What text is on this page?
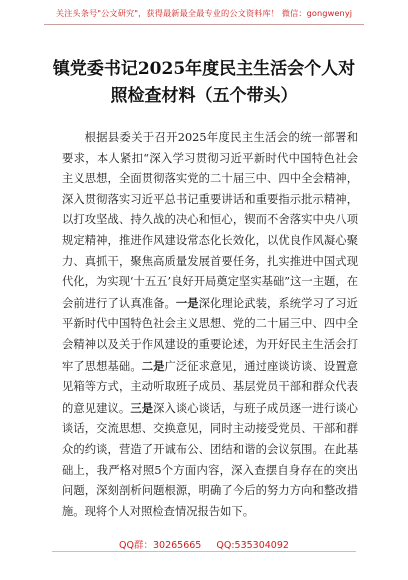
关注头条号"公文研究"，获得最新最全最专业的公文资料库！ 微信：gongwenyj
镇党委书记2025年度民主生活会个人对
照检查材料（五个带头）
根据县委关于召开2025年度民主生活会的统一部署和要求，本人紧扣“深入学习贯彻习近平新时代中国特色社会主义思想，全面贯彻落实党的二十届三中、四中全会精神，深入贯彻落实习近平总书记重要讲话和重要指示批示精神，以打攻坚战、持久战的决心和恒心，锲而不舍落实中央八项规定精神，推进作风建设常态化长效化，以优良作风凝心聚力、真抓干，聚焦高质量发展首要任务，扎实推进中国式现代化，为实现‘十五五’良好开局奠定坚实基础”这一主题，在会前进行了认真准备。一是深化理论武装，系统学习了习近平新时代中国特色社会主义思想、党的二十届三中、四中全会精神以及关于作风建设的重要论述，为开好民主生活会打牢了思想基础。二是广泛征求意见，通过座谈访谈、设置意见箱等方式，主动听取班子成员、基层党员干部和群众代表的意见建议。三是深入谈心谈话，与班子成员逐一进行谈心谈话，交流思想、交换意见，同时主动接受党员、干部和群众的约谈，营造了开诚布公、团结和谐的会议氛围。在此基础上，我严格对照5个方面内容，深入查摆自身存在的突出问题，深刻剖析问题根源，明确了今后的努力方向和整改措施。现将个人对照检查情况报告如下。
QQ群：30265665 QQ:535304092
